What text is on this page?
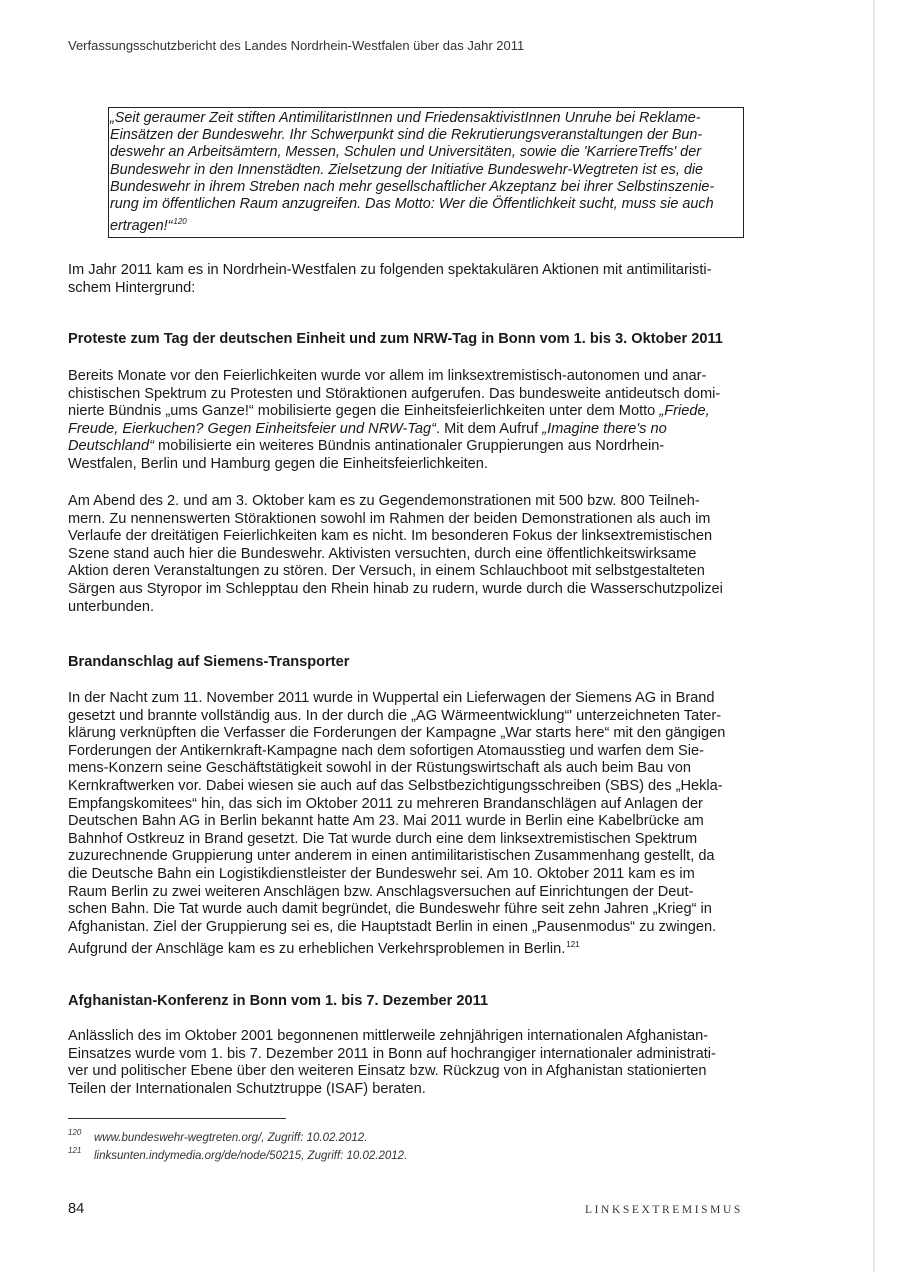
Verfassungsschutzbericht des Landes Nordrhein-Westfalen über das Jahr 2011
„Seit geraumer Zeit stiften AntimilitaristInnen und FriedensaktivistInnen Unruhe bei Reklame-
Einsätzen der Bundeswehr. Ihr Schwerpunkt sind die Rekrutierungsveranstaltungen der Bun-
deswehr an Arbeitsämtern, Messen, Schulen und Universitäten, sowie die 'KarriereTreffs' der
Bundeswehr in den Innenstädten. Zielsetzung der Initiative Bundeswehr-Wegtreten ist es, die
Bundeswehr in ihrem Streben nach mehr gesellschaftlicher Akzeptanz bei ihrer Selbstinszenie-
rung im öffentlichen Raum anzugreifen. Das Motto: Wer die Öffentlichkeit sucht, muss sie auch
ertragen!“$^{120}$
Im Jahr 2011 kam es in Nordrhein-Westfalen zu folgenden spektakulären Aktionen mit antimilitaristi-
schem Hintergrund:
Proteste zum Tag der deutschen Einheit und zum NRW-Tag in Bonn vom 1. bis 3. Oktober 2011
Bereits Monate vor den Feierlichkeiten wurde vor allem im linksextremistisch-autonomen und anar-
chistischen Spektrum zu Protesten und Störaktionen aufgerufen. Das bundesweite antideutsch domi-
nierte Bündnis „ums Ganze!“ mobilisierte gegen die Einheitsfeierlichkeiten unter dem Motto „Friede,
Freude, Eierkuchen? Gegen Einheitsfeier und NRW-Tag“. Mit dem Aufruf „Imagine there's no
Deutschland“ mobilisierte ein weiteres Bündnis antinationaler Gruppierungen aus Nordrhein-
Westfalen, Berlin und Hamburg gegen die Einheitsfeierlichkeiten.
Am Abend des 2. und am 3. Oktober kam es zu Gegendemonstrationen mit 500 bzw. 800 Teilneh-
mern. Zu nennenswerten Störaktionen sowohl im Rahmen der beiden Demonstrationen als auch im
Verlaufe der dreitätigen Feierlichkeiten kam es nicht. Im besonderen Fokus der linksextremistischen
Szene stand auch hier die Bundeswehr. Aktivisten versuchten, durch eine öffentlichkeitswirksame
Aktion deren Veranstaltungen zu stören. Der Versuch, in einem Schlauchboot mit selbstgestalteten
Särgen aus Styropor im Schlepptau den Rhein hinab zu rudern, wurde durch die Wasserschutzpolizei
unterbunden.
Brandanschlag auf Siemens-Transporter
In der Nacht zum 11. November 2011 wurde in Wuppertal ein Lieferwagen der Siemens AG in Brand
gesetzt und brannte vollständig aus. In der durch die „AG Wärmeentwicklung“' unterzeichneten Tater-
klärung verknüpften die Verfasser die Forderungen der Kampagne „War starts here“ mit den gängigen
Forderungen der Antikernkraft-Kampagne nach dem sofortigen Atomausstieg und warfen dem Sie-
mens-Konzern seine Geschäftstätigkeit sowohl in der Rüstungswirtschaft als auch beim Bau von
Kernkraftwerken vor. Dabei wiesen sie auch auf das Selbstbezichtigungsschreiben (SBS) des „Hekla-
Empfangskomitees“ hin, das sich im Oktober 2011 zu mehreren Brandanschlägen auf Anlagen der
Deutschen Bahn AG in Berlin bekannt hatte Am 23. Mai 2011 wurde in Berlin eine Kabelbrücke am
Bahnhof Ostkreuz in Brand gesetzt. Die Tat wurde durch eine dem linksextremistischen Spektrum
zuzurechnende Gruppierung unter anderem in einen antimilitaristischen Zusammenhang gestellt, da
die Deutsche Bahn ein Logistikdienstleister der Bundeswehr sei. Am 10. Oktober 2011 kam es im
Raum Berlin zu zwei weiteren Anschlägen bzw. Anschlagsversuchen auf Einrichtungen der Deut-
schen Bahn. Die Tat wurde auch damit begründet, die Bundeswehr führe seit zehn Jahren „Krieg“ in
Afghanistan. Ziel der Gruppierung sei es, die Hauptstadt Berlin in einen „Pausenmodus“ zu zwingen.
Aufgrund der Anschläge kam es zu erheblichen Verkehrsproblemen in Berlin.$^{121}$
Afghanistan-Konferenz in Bonn vom 1. bis 7. Dezember 2011
Anlässlich des im Oktober 2001 begonnenen mittlerweile zehnjährigen internationalen Afghanistan-
Einsatzes wurde vom 1. bis 7. Dezember 2011 in Bonn auf hochrangiger internationaler administrati-
ver und politischer Ebene über den weiteren Einsatz bzw. Rückzug von in Afghanistan stationierten
Teilen der Internationalen Schutztruppe (ISAF) beraten.
120 www.bundeswehr-wegtreten.org/, Zugriff: 10.02.2012.
121 linksunten.indymedia.org/de/node/50215, Zugriff: 10.02.2012.
84	LINKSEXTREMISMUS
